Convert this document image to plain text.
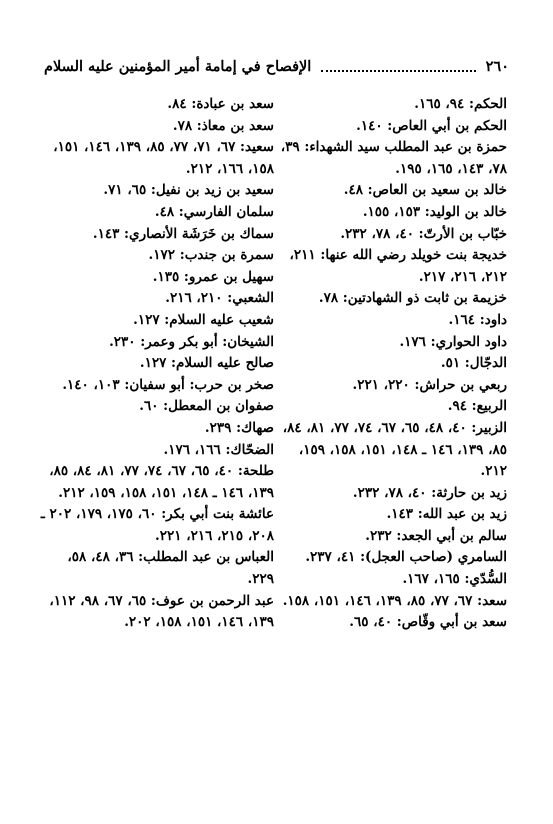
٢٦٠
الإفصاح في إمامة أمير المؤمنين عليه السلام

الحكم: ٩٤، ١٦٥.

الحكم بن أبي العاص: ١٤٠.

حمزة بن عبد المطلب سيد الشهداء: ٣٩، ٧٨، ١٤٣، ١٦٥، ١٩٥.

خالد بن سعيد بن العاص: ٤٨.

خالد بن الوليد: ١٥٣، ١٥٥.

خبّاب بن الأرتّ: ٤٠، ٧٨، ٢٣٢.

خديجة بنت خويلد رضي الله عنها: ٢١١، ٢١٢، ٢١٦، ٢١٧.

خزيمة بن ثابت ذو الشهادتين: ٧٨.

داود: ١٦٤.

داود الحواري: ١٧٦.

الدجّال: ٥١.

ربعي بن حراش: ٢٢٠، ٢٢١.

الربيع: ٩٤.

الزبير: ٤٠، ٤٨، ٦٥، ٦٧، ٧٤، ٧٧، ٨١، ٨٤، ٨٥، ١٣٩، ١٤٦ ـ ١٤٨، ١٥١، ١٥٨، ١٥٩، ٢١٢.

زيد بن حارثة: ٤٠، ٧٨، ٢٣٢.

زيد بن عبد الله: ١٤٣.

سالم بن أبي الجعد: ٢٣٢.

السامري (صاحب العجل): ٤١، ٢٣٧.

السُّدّي: ١٦٥، ١٦٧.

سعد: ٦٧، ٧٧، ٨٥، ١٣٩، ١٤٦، ١٥١، ١٥٨.

سعد بن أبي وقّاص: ٤٠، ٦٥.

سعد بن عبادة: ٨٤.

سعد بن معاذ: ٧٨.

سعيد: ٦٧، ٧١، ٧٧، ٨٥، ١٣٩، ١٤٦، ١٥١، ١٥٨، ١٦٦، ٢١٢.

سعيد بن زيد بن نفيل: ٦٥، ٧١.

سلمان الفارسي: ٤٨.

سماك بن خَرَشَة الأنصاري: ١٤٣.

سمرة بن جندب: ١٧٢.

سهيل بن عمرو: ١٣٥.

الشعبي: ٢١٠، ٢١٦.

شعيب عليه السلام: ١٢٧.

الشيخان: أبو بكر وعمر: ٢٣٠.

صالح عليه السلام: ١٢٧.

صخر بن حرب: أبو سفيان: ١٠٣، ١٤٠.

صفوان بن المعطل: ٦٠.

صهاك: ٢٣٩.

الضحّاك: ١٦٦، ١٧٦.

طلحة: ٤٠، ٦٥، ٦٧، ٧٤، ٧٧، ٨١، ٨٤، ٨٥، ١٣٩، ١٤٦ ـ ١٤٨، ١٥١، ١٥٨، ١٥٩، ٢١٢.

عائشة بنت أبي بكر: ٦٠، ١٧٥، ١٧٩، ٢٠٢ ـ ٢٠٨، ٢١٥، ٢١٦، ٢٢١.

العباس بن عبد المطلب: ٣٦، ٤٨، ٥٨، ٢٢٩.

عبد الرحمن بن عوف: ٦٥، ٦٧، ٩٨، ١١٢، ١٣٩، ١٤٦، ١٥١، ١٥٨، ٢٠٢.
